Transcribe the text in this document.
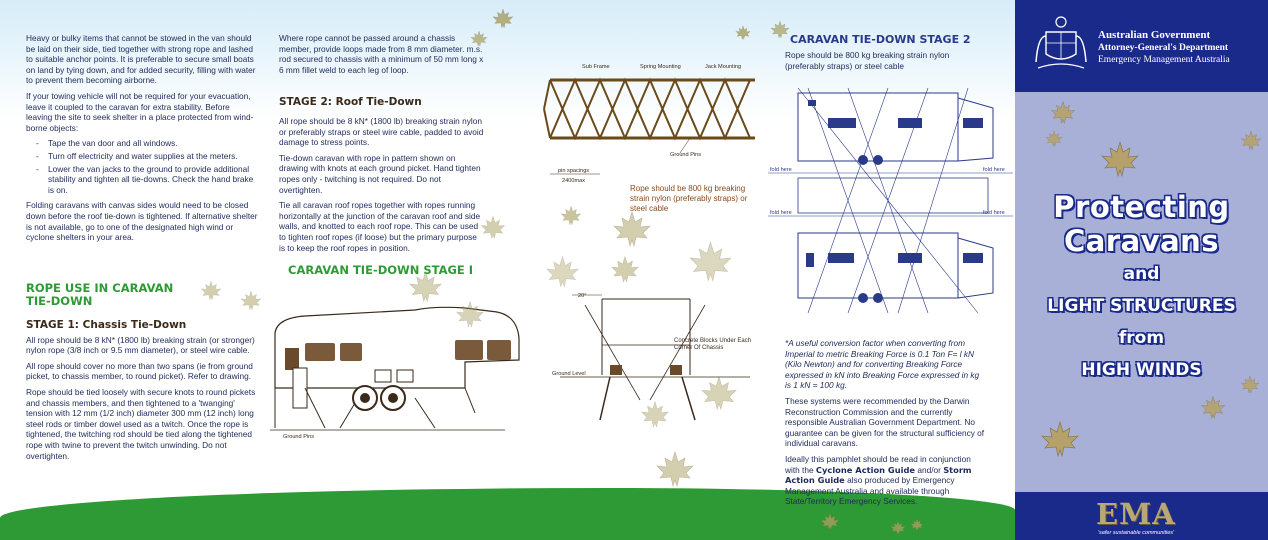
Heavy or bulky items that cannot be stowed in the van should be laid on their side, tied together with strong rope and lashed to suitable anchor points. It is preferable to secure small boats on land by tying down, and for added security, filling with water to prevent them becoming airborne.

If your towing vehicle will not be required for your evacuation, leave it coupled to the caravan for extra stability. Before leaving the site to seek shelter in a place protected from wind-borne objects:

- Tape the van door and all windows.
- Turn off electricity and water supplies at the meters.
- Lower the van jacks to the ground to provide additional stability and tighten all tie-downs. Check the hand brake is on.

Folding caravans with canvas sides would need to be closed down before the roof tie-down is tightened. If alternative shelter is not available, go to one of the designated high wind or cyclone shelters in your area.

ROPE USE IN CARAVAN
TIE-DOWN
STAGE 1: Chassis Tie-Down

All rope should be 8 kN* (1800 lb) breaking strain (or stronger) nylon rope (3/8 inch or 9.5 mm diameter), or steel wire cable.

All rope should cover no more than two spans (ie from ground picket, to chassis member, to round picket). Refer to drawing.

Rope should be tied loosely with secure knots to round pickets and chassis members, and then tightened to a 'twanging' tension with 12 mm (1/2 inch) diameter 300 mm (12 inch) long steel rods or timber dowel used as a twitch. Once the rope is tightened, the twitching rod should be tied along the tightened rope with twine to prevent the twitch unwinding. Do not overtighten.

Where rope cannot be passed around a chassis member, provide loops made from 8 mm diameter. m.s. rod secured to chassis with a minimum of 50 mm long x 6 mm fillet weld to each leg of loop.

STAGE 2: Roof Tie-Down

All rope should be 8 kN* (1800 lb) breaking strain nylon or preferably straps or steel wire cable, padded to avoid damage to stress points.

Tie-down caravan with rope in pattern shown on drawing with knots at each ground picket. Hand tighten ropes only - twitching is not required. Do not overtighten.

Tie all caravan roof ropes together with ropes running horizontally at the junction of the caravan roof and side walls, and knotted to each roof rope. This can be used to tighten roof ropes (if loose) but the primary purpose is to keep the roof ropes in position.

CARAVAN TIE-DOWN STAGE I
Ground Pins
Sub Frame	Spring Mounting	Jack Mounting
Ground Pins
pin spacings
2400max
Rope should be 800 kg breaking strain nylon (preferably straps) or steel cable
20°
Ground Level
Concrete Blocks Under Each Corner Of Chassis
CARAVAN TIE-DOWN STAGE 2
Rope should be 800 kg breaking strain nylon (preferably straps) or steel cable
fold here	fold here
fold here	fold here

*A useful conversion factor when converting from Imperial to metric Breaking Force is 0.1 Ton F= l kN (Kilo Newton) and for converting Breaking Force expressed in kN into Breaking Force expressed in kg is 1 kN = 100 kg.

These systems were recommended by the Darwin Reconstruction Commission and the currently responsible Australian Government Department. No guarantee can be given for the structural sufficiency of individual caravans.

Ideally this pamphlet should be read in conjunction with the Cyclone Action Guide and/or Storm Action Guide also produced by Emergency Management Australia and available through State/Territory Emergency Services.

Australian Government
Attorney-General's Department
Emergency Management Australia
Protecting
Caravans
and
LIGHT STRUCTURES
from
HIGH WINDS
EMA
'safer sustainable communities'
